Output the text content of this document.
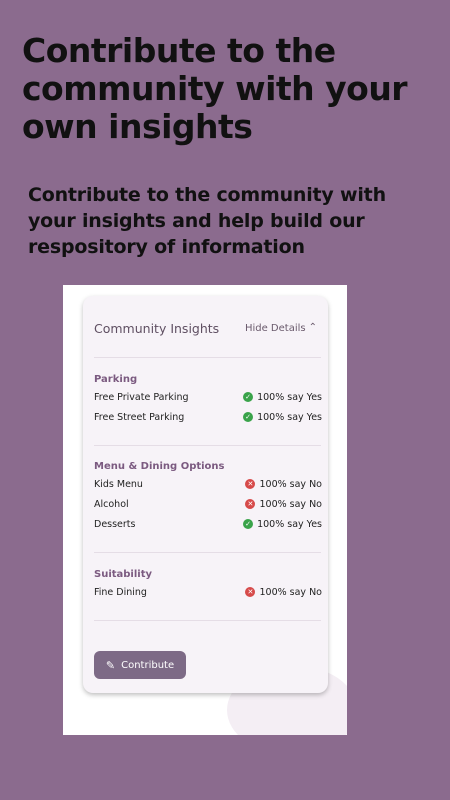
Contribute to the community with your own insights
Contribute to the community with your insights and help build our respository of information
Community Insights	Hide Details ⌃
Parking
Free Private Parking	✓ 100% say Yes
Free Street Parking	✓ 100% say Yes
Menu & Dining Options
Kids Menu	✕ 100% say No
Alcohol	✕ 100% say No
Desserts	✓ 100% say Yes
Suitability
Fine Dining	✕ 100% say No
✎ Contribute
